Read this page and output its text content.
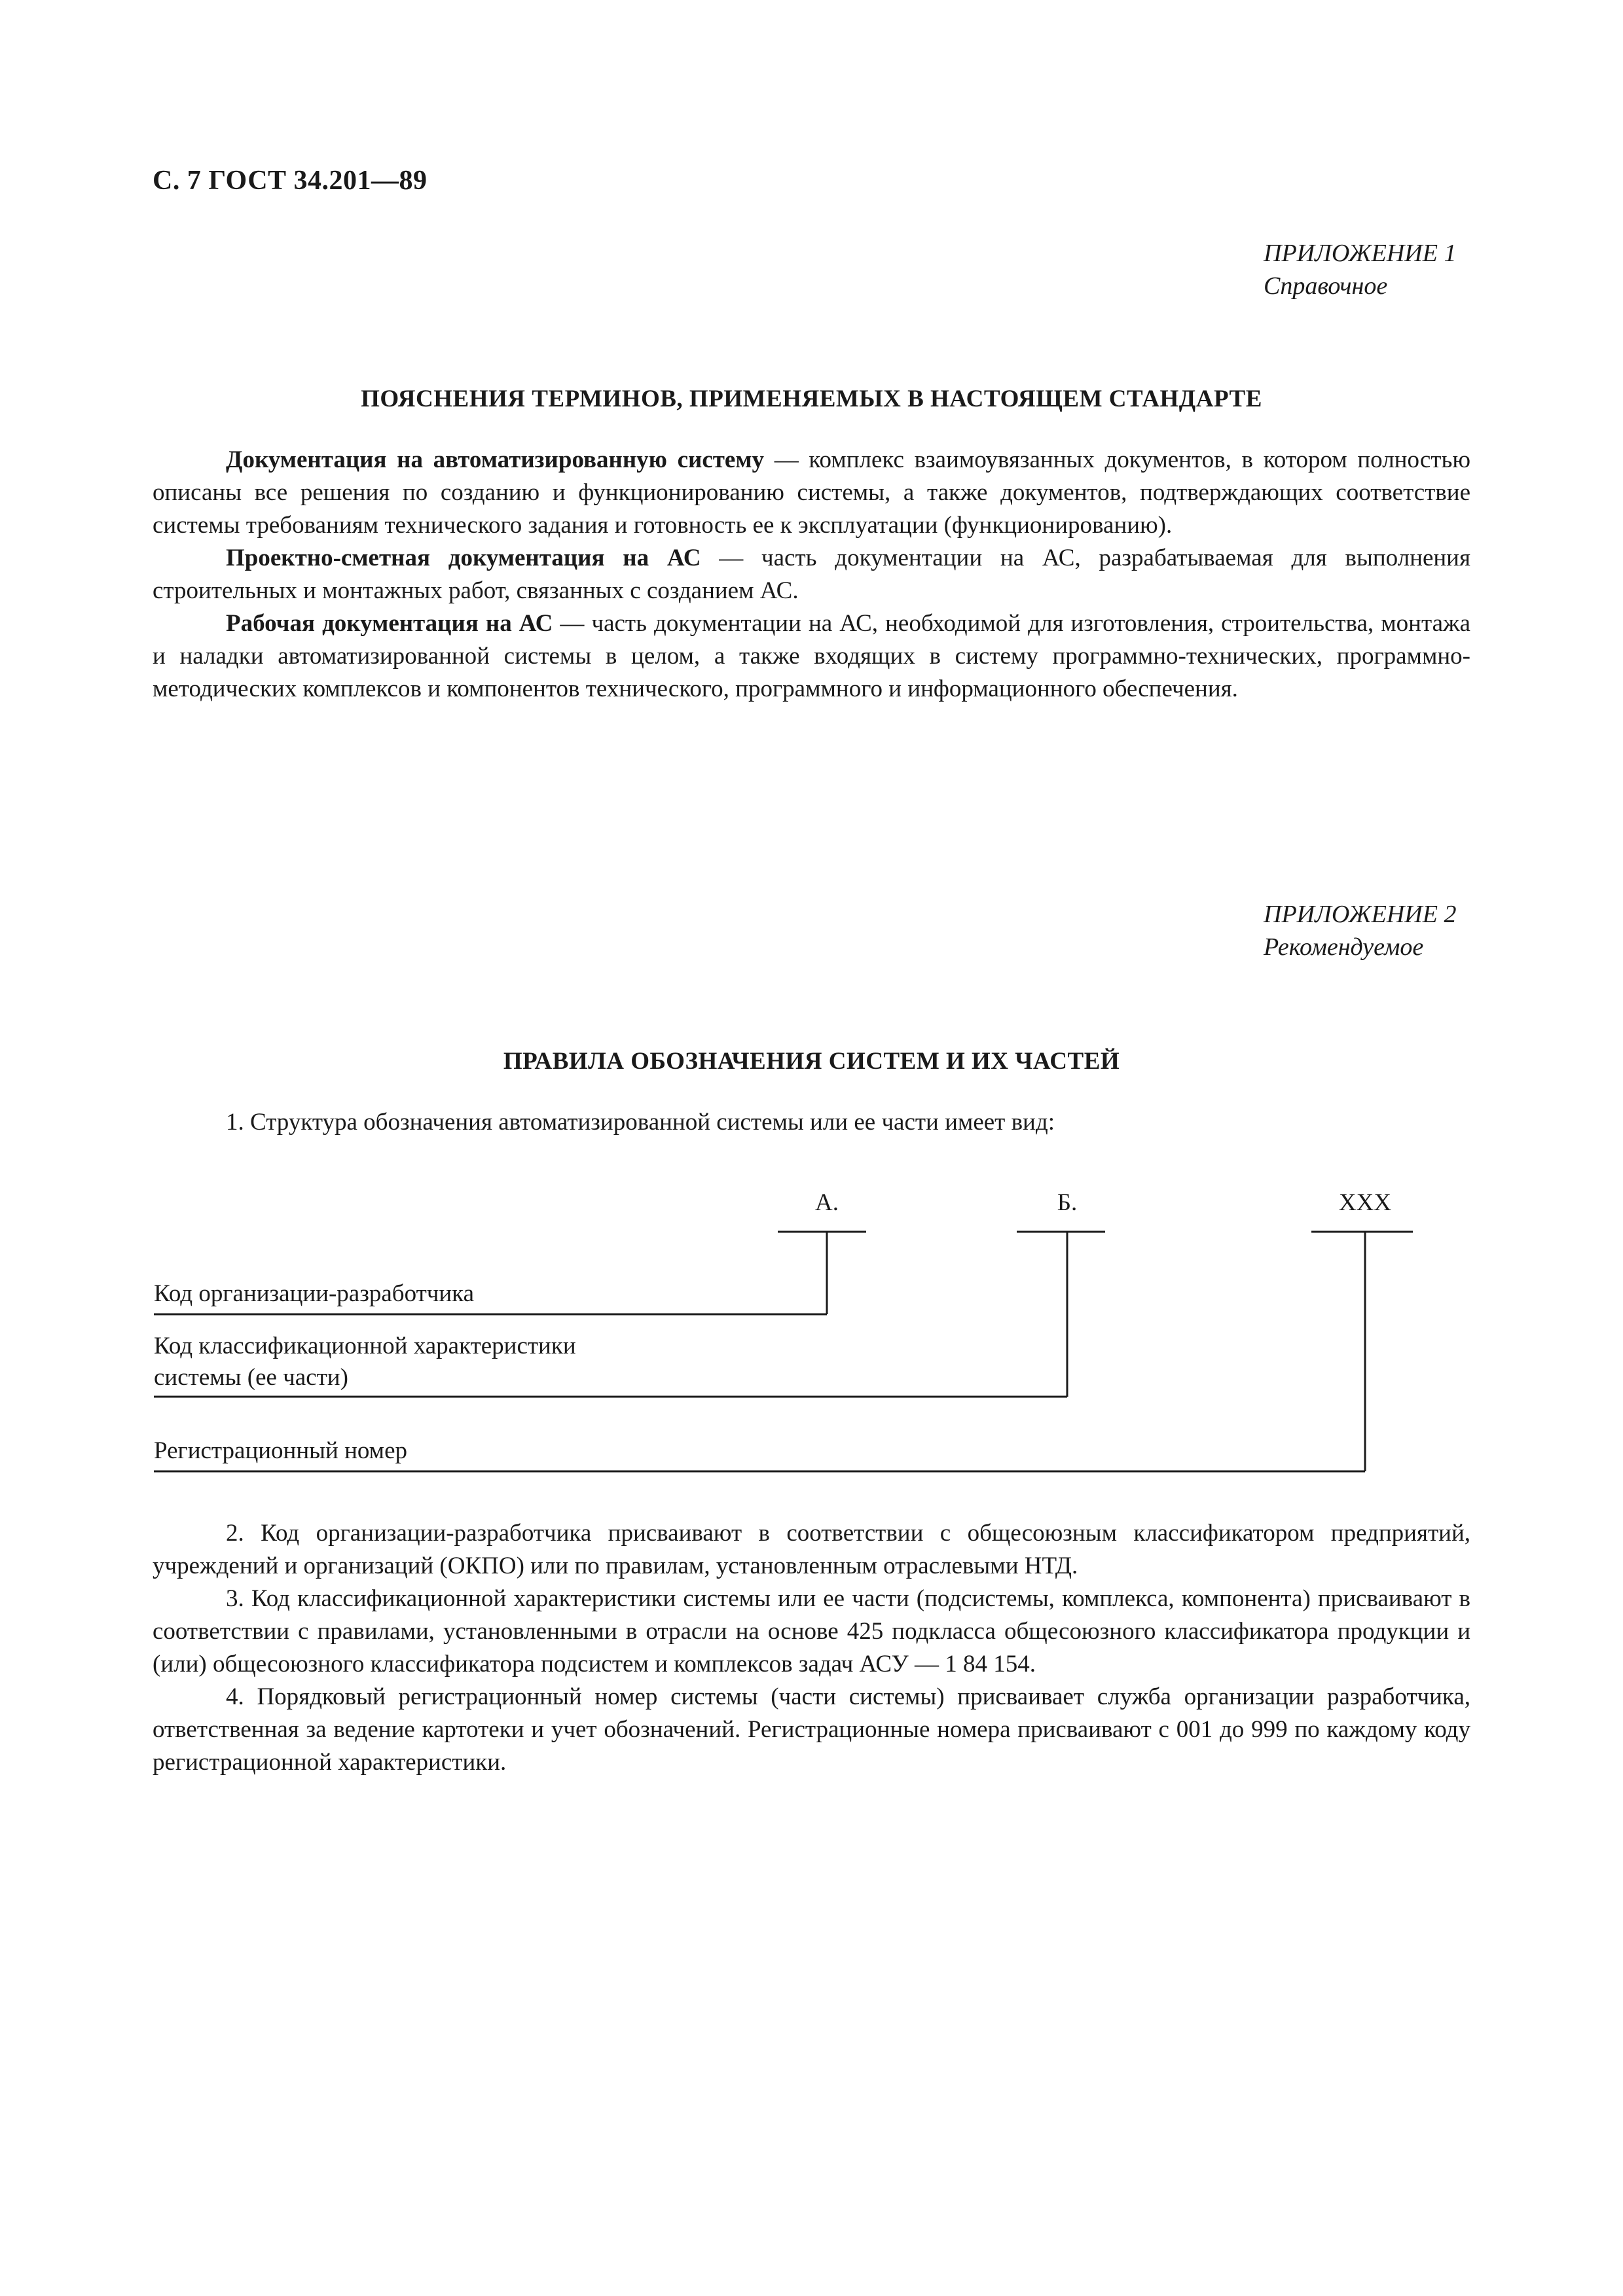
С. 7 ГОСТ 34.201—89
ПРИЛОЖЕНИЕ 1
Справочное
ПОЯСНЕНИЯ ТЕРМИНОВ, ПРИМЕНЯЕМЫХ В НАСТОЯЩЕМ СТАНДАРТЕ

Документация на автоматизированную систему — комплекс взаимоувязанных документов, в котором полностью описаны все решения по созданию и функционированию системы, а также документов, подтверждающих соответствие системы требованиям технического задания и готовность ее к эксплуатации (функционированию).

Проектно-сметная документация на АС — часть документации на АС, разрабатываемая для выполнения строительных и монтажных работ, связанных с созданием АС.

Рабочая документация на АС — часть документации на АС, необходимой для изготовления, строительства, монтажа и наладки автоматизированной системы в целом, а также входящих в систему программно-технических, программно-методических комплексов и компонентов технического, программного и информационного обеспечения.

ПРИЛОЖЕНИЕ 2
Рекомендуемое
ПРАВИЛА ОБОЗНАЧЕНИЯ СИСТЕМ И ИХ ЧАСТЕЙ

1. Структура обозначения автоматизированной системы или ее части имеет вид:

А.	Б.	ХХХ
Код организации-разработчика
Код классификационной характеристики
системы (ее части)
Регистрационный номер

2. Код организации-разработчика присваивают в соответствии с общесоюзным классификатором предприятий, учреждений и организаций (ОКПО) или по правилам, установленным отраслевыми НТД.

3. Код классификационной характеристики системы или ее части (подсистемы, комплекса, компонента) присваивают в соответствии с правилами, установленными в отрасли на основе 425 подкласса общесоюзного классификатора продукции и (или) общесоюзного классификатора подсистем и комплексов задач АСУ — 1 84 154.

4. Порядковый регистрационный номер системы (части системы) присваивает служба организации разработчика, ответственная за ведение картотеки и учет обозначений. Регистрационные номера присваивают с 001 до 999 по каждому коду регистрационной характеристики.
